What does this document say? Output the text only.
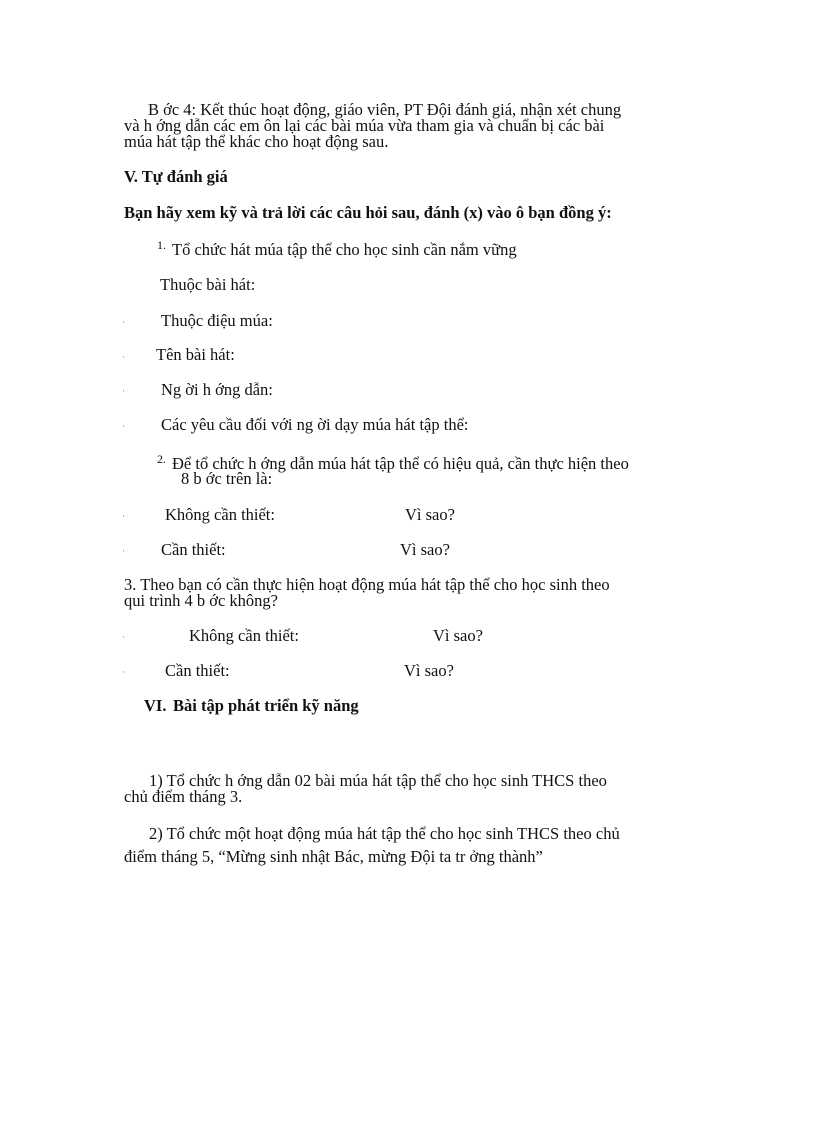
B ớc 4: Kết thúc hoạt động, giáo viên, PT Đội đánh giá, nhận xét chung
và h ớng dẫn các em ôn lại các bài múa vừa tham gia và chuẩn bị các bài
múa hát tập thể khác cho hoạt động sau.
V. Tự đánh giá
Bạn hãy xem kỹ và trả lời các câu hỏi sau, đánh (x) vào ô bạn đồng ý:
1. Tổ chức hát múa tập thể cho học sinh cần nắm vững
Thuộc bài hát:
· Thuộc điệu múa:
· Tên bài hát:
· Ng ời h ớng dẫn:
· Các yêu cầu đối với ng ời dạy múa hát tập thể:
2. Để tổ chức h ớng dẫn múa hát tập thể có hiệu quả, cần thực hiện theo
8 b ớc trên là:
· Không cần thiết:	Vì sao?
· Cần thiết:	Vì sao?
3. Theo bạn có cần thực hiện hoạt động múa hát tập thể cho học sinh theo
qui trình 4 b ớc không?
·	Không cần thiết:	Vì sao?
· Cần thiết:	Vì sao?
VI. Bài tập phát triển kỹ năng
1) Tổ chức h ớng dẫn 02 bài múa hát tập thể cho học sinh THCS theo
chủ điểm tháng 3.
2) Tổ chức một hoạt động múa hát tập thể cho học sinh THCS theo chủ
điểm tháng 5, “Mừng sinh nhật Bác, mừng Đội ta tr ởng thành”
